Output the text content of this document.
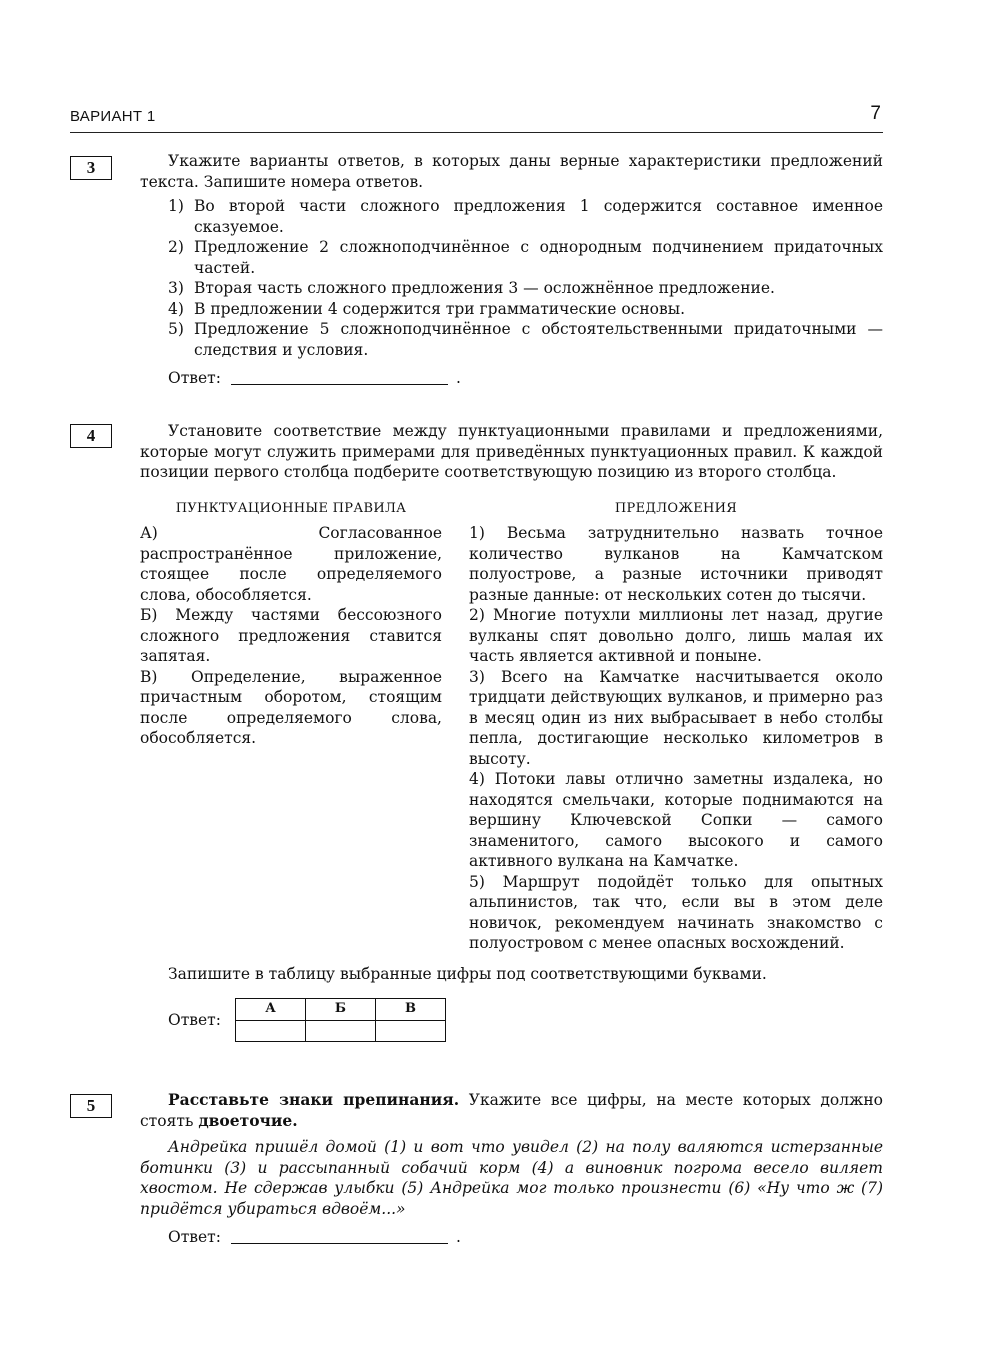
ВАРИАНТ 1	7
3	Укажите варианты ответов, в которых даны верные характеристики предложений текста. Запишите номера ответов.
1) Во второй части сложного предложения 1 содержится составное именное сказуемое.
2) Предложение 2 сложноподчинённое с однородным подчинением придаточных частей.
3) Вторая часть сложного предложения 3 — осложнённое предложение.
4) В предложении 4 содержится три грамматические основы.
5) Предложение 5 сложноподчинённое с обстоятельственными придаточными — следствия и условия.
Ответ:	.
4	Установите соответствие между пунктуационными правилами и предложениями, которые могут служить примерами для приведённых пунктуационных правил. К каждой позиции первого столбца подберите соответствующую позицию из второго столбца.
ПУНКТУАЦИОННЫЕ ПРАВИЛА
А) Согласованное распространённое приложение, стоящее после определяемого слова, обособляется.
Б) Между частями бессоюзного сложного предложения ставится запятая.
В) Определение, выраженное причастным оборотом, стоящим после определяемого слова, обособляется.
ПРЕДЛОЖЕНИЯ
1) Весьма затруднительно назвать точное количество вулканов на Камчатском полуострове, а разные источники приводят разные данные: от нескольких сотен до тысячи.
2) Многие потухли миллионы лет назад, другие вулканы спят довольно долго, лишь малая их часть является активной и поныне.
3) Всего на Камчатке насчитывается около тридцати действующих вулканов, и примерно раз в месяц один из них выбрасывает в небо столбы пепла, достигающие несколько километров в высоту.
4) Потоки лавы отлично заметны издалека, но находятся смельчаки, которые поднимаются на вершину Ключевской Сопки — самого знаменитого, самого высокого и самого активного вулкана на Камчатке.
5) Маршрут подойдёт только для опытных альпинистов, так что, если вы в этом деле новичок, рекомендуем начинать знакомство с полуостровом с менее опасных восхождений.
Запишите в таблицу выбранные цифры под соответствующими буквами.
Ответ:
А	Б	В

5	Расставьте знаки препинания. Укажите все цифры, на месте которых должно стоять двоеточие.
Андрейка пришёл домой (1) и вот что увидел (2) на полу валяются истерзанные ботинки (3) и рассыпанный собачий корм (4) а виновник погрома весело виляет хвостом. Не сдержав улыбки (5) Андрейка мог только произнести (6) «Ну что ж (7) придётся убираться вдвоём...»
Ответ:	.
